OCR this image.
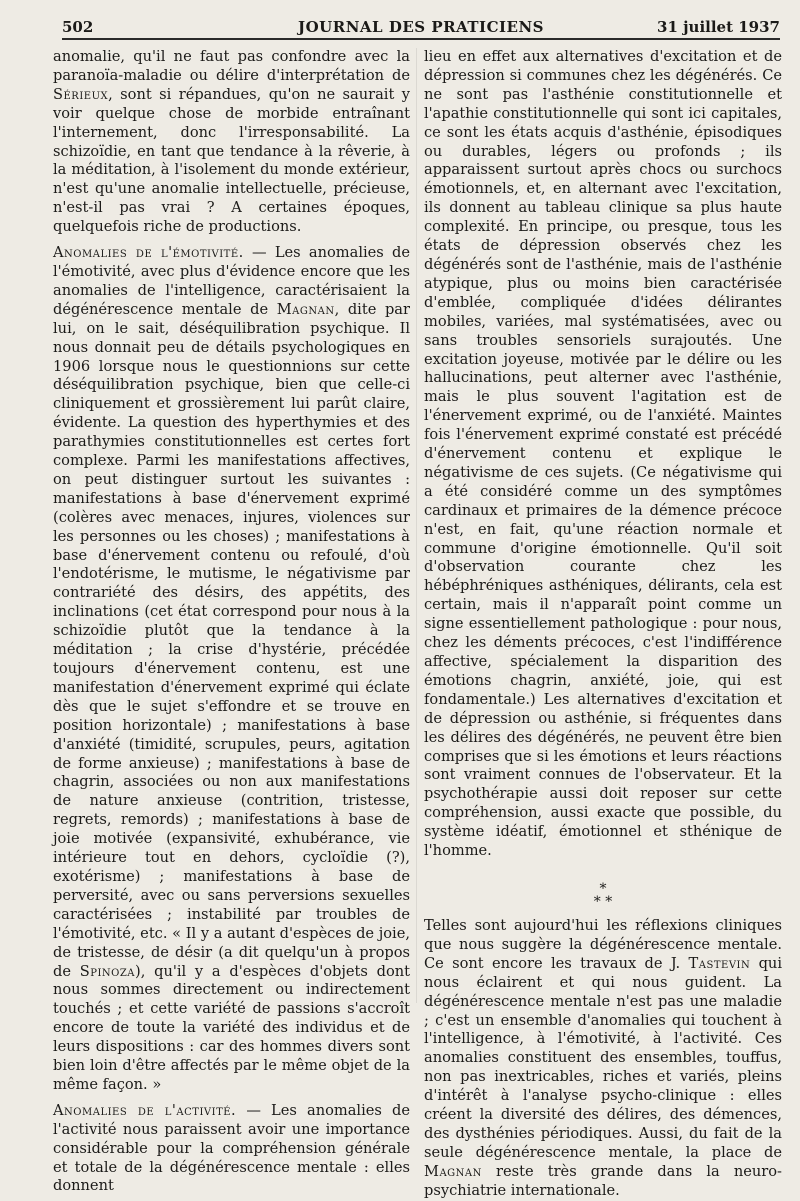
502	JOURNAL DES PRATICIENS	31 juillet 1937

anomalie, qu'il ne faut pas confondre avec la paranoïa-maladie ou délire d'interprétation de Sérieux, sont si répandues, qu'on ne saurait y voir quelque chose de morbide entraînant l'internement, donc l'irresponsabilité. La schizoïdie, en tant que tendance à la rêverie, à la méditation, à l'isolement du monde extérieur, n'est qu'une anomalie intellectuelle, précieuse, n'est-il pas vrai ? A certaines époques, quelquefois riche de productions.

Anomalies de l'émotivité. — Les anomalies de l'émotivité, avec plus d'évidence encore que les anomalies de l'intelligence, caractérisaient la dégénérescence mentale de Magnan, dite par lui, on le sait, déséquilibration psychique. Il nous donnait peu de détails psychologiques en 1906 lorsque nous le questionnions sur cette déséquilibration psychique, bien que celle-ci cliniquement et grossièrement lui parût claire, évidente. La question des hyperthymies et des parathymies constitutionnelles est certes fort complexe. Parmi les manifestations affectives, on peut distinguer surtout les suivantes : manifestations à base d'énervement exprimé (colères avec menaces, injures, violences sur les personnes ou les choses) ; manifestations à base d'énervement contenu ou refoulé, d'où l'endotérisme, le mutisme, le négativisme par contrariété des désirs, des appétits, des inclinations (cet état correspond pour nous à la schizoïdie plutôt que la tendance à la méditation ; la crise d'hystérie, précédée toujours d'énervement contenu, est une manifestation d'énervement exprimé qui éclate dès que le sujet s'effondre et se trouve en position horizontale) ; manifestations à base d'anxiété (timidité, scrupules, peurs, agitation de forme anxieuse) ; manifestations à base de chagrin, associées ou non aux manifestations de nature anxieuse (contrition, tristesse, regrets, remords) ; manifestations à base de joie motivée (expansivité, exhubérance, vie intérieure tout en dehors, cycloïdie (?), exotérisme) ; manifestations à base de perversité, avec ou sans perversions sexuelles caractérisées ; instabilité par troubles de l'émotivité, etc. « Il y a autant d'espèces de joie, de tristesse, de désir (a dit quelqu'un à propos de Spinoza), qu'il y a d'espèces d'objets dont nous sommes directement ou indirectement touchés ; et cette variété de passions s'accroît encore de toute la variété des individus et de leurs dispositions : car des hommes divers sont bien loin d'être affectés par le même objet de la même façon. »

Anomalies de l'activité. — Les anomalies de l'activité nous paraissent avoir une importance considérable pour la compréhension générale et totale de la dégénérescence mentale : elles donnent

lieu en effet aux alternatives d'excitation et de dépression si communes chez les dégénérés. Ce ne sont pas l'asthénie constitutionnelle et l'apathie constitutionnelle qui sont ici capitales, ce sont les états acquis d'asthénie, épisodiques ou durables, légers ou profonds ; ils apparaissent surtout après chocs ou surchocs émotionnels, et, en alternant avec l'excitation, ils donnent au tableau clinique sa plus haute complexité. En principe, ou presque, tous les états de dépression observés chez les dégénérés sont de l'asthénie, mais de l'asthénie atypique, plus ou moins bien caractérisée d'emblée, compliquée d'idées délirantes mobiles, variées, mal systématisées, avec ou sans troubles sensoriels surajoutés. Une excitation joyeuse, motivée par le délire ou les hallucinations, peut alterner avec l'asthénie, mais le plus souvent l'agitation est de l'énervement exprimé, ou de l'anxiété. Maintes fois l'énervement exprimé constaté est précédé d'énervement contenu et explique le négativisme de ces sujets. (Ce négativisme qui a été considéré comme un des symptômes cardinaux et primaires de la démence précoce n'est, en fait, qu'une réaction normale et commune d'origine émotionnelle. Qu'il soit d'observation courante chez les hébéphréniques asthéniques, délirants, cela est certain, mais il n'apparaît point comme un signe essentiellement pathologique : pour nous, chez les déments précoces, c'est l'indifférence affective, spécialement la disparition des émotions chagrin, anxiété, joie, qui est fondamentale.) Les alternatives d'excitation et de dépression ou asthénie, si fréquentes dans les délires des dégénérés, ne peuvent être bien comprises que si les émotions et leurs réactions sont vraiment connues de l'observateur. Et la psychothérapie aussi doit reposer sur cette compréhension, aussi exacte que possible, du système idéatif, émotionnel et sthénique de l'homme.

*
* *

Telles sont aujourd'hui les réflexions cliniques que nous suggère la dégénérescence mentale. Ce sont encore les travaux de J. Tastevin qui nous éclairent et qui nous guident. La dégénérescence mentale n'est pas une maladie ; c'est un ensemble d'anomalies qui touchent à l'intelligence, à l'émotivité, à l'activité. Ces anomalies constituent des ensembles, touffus, non pas inextricables, riches et variés, pleins d'intérêt à l'analyse psycho-clinique : elles créent la diversité des délires, des démences, des dysthénies périodiques. Aussi, du fait de la seule dégénérescence mentale, la place de Magnan reste très grande dans la neuro-psychiatrie internationale.
